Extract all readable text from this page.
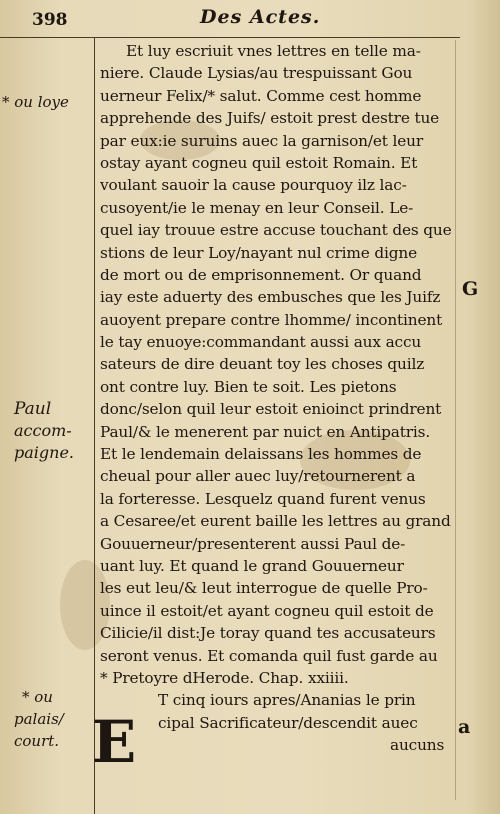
398	Des Actes.
* ou loye
Paul
accom-
paigne.
* ou
palais/
court.
G
a
E
Et luy escriuit vnes lettres en telle ma-
niere. Claude Lysias/au trespuissant Gou
uerneur Felix/* salut. Comme cest homme
apprehende des Juifs/ estoit prest destre tue
par eux:ie suruins auec la garnison/et leur
ostay ayant cogneu quil estoit Romain. Et
voulant sauoir la cause pourquoy ilz lac-
cusoyent/ie le menay en leur Conseil. Le-
quel iay trouue estre accuse touchant des que
stions de leur Loy/nayant nul crime digne
de mort ou de emprisonnement. Or quand
iay este aduerty des embusches que les Juifz
auoyent prepare contre lhomme/ incontinent
le tay enuoye:commandant aussi aux accu
sateurs de dire deuant toy les choses quilz
ont contre luy. Bien te soit. Les pietons
donc/selon quil leur estoit enioinct prindrent
Paul/& le menerent par nuict en Antipatris.
Et le lendemain delaissans les hommes de
cheual pour aller auec luy/retournerent a
la forteresse. Lesquelz quand furent venus
a Cesaree/et eurent baille les lettres au grand
Gouuerneur/presenterent aussi Paul de-
uant luy. Et quand le grand Gouuerneur
les eut leu/& leut interrogue de quelle Pro-
uince il estoit/et ayant cogneu quil estoit de
Cilicie/il dist:Je toray quand tes accusateurs
seront venus. Et comanda quil fust garde au
* Pretoyre dHerode. Chap. xxiiii.
T cinq iours apres/Ananias le prin
cipal Sacrificateur/descendit auec
aucuns
